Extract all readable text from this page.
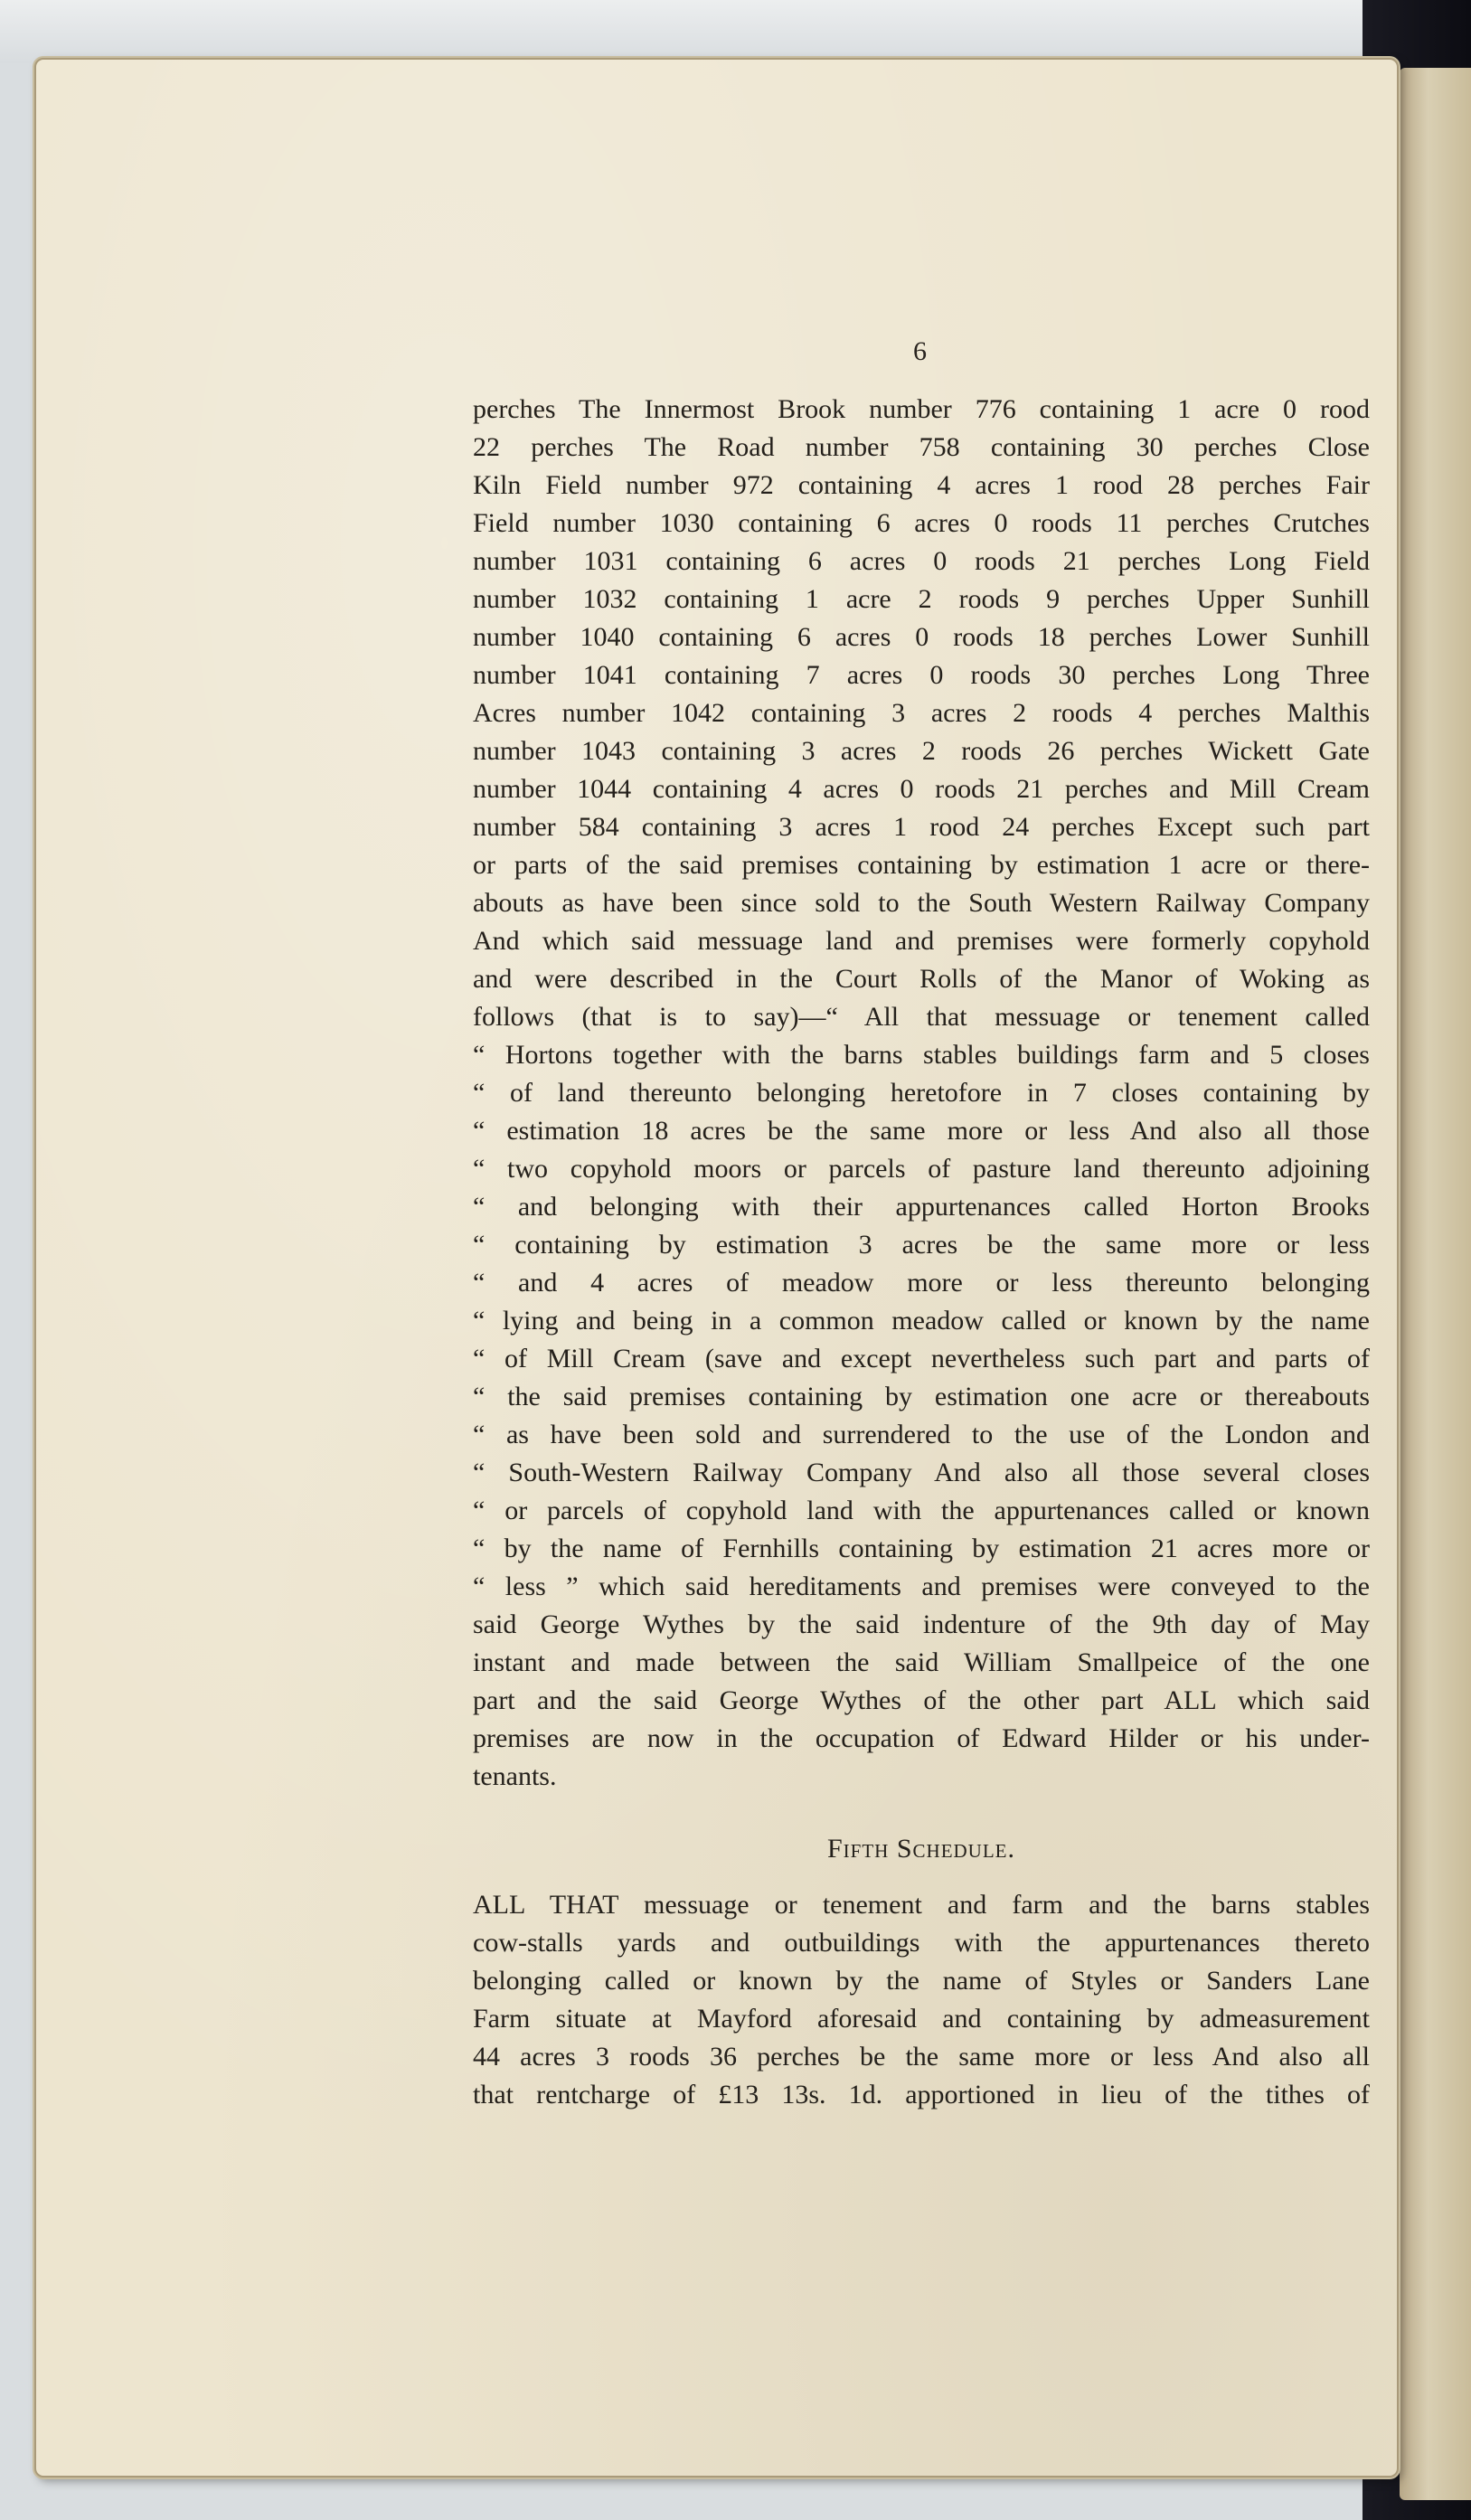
6
perches The Innermost Brook number 776 containing 1 acre 0 rood
22 perches The Road number 758 containing 30 perches Close
Kiln Field number 972 containing 4 acres 1 rood 28 perches Fair
Field number 1030 containing 6 acres 0 roods 11 perches Crutches
number 1031 containing 6 acres 0 roods 21 perches Long Field
number 1032 containing 1 acre 2 roods 9 perches Upper Sunhill
number 1040 containing 6 acres 0 roods 18 perches Lower Sunhill
number 1041 containing 7 acres 0 roods 30 perches Long Three
Acres number 1042 containing 3 acres 2 roods 4 perches Malthis
number 1043 containing 3 acres 2 roods 26 perches Wickett Gate
number 1044 containing 4 acres 0 roods 21 perches and Mill Cream
number 584 containing 3 acres 1 rood 24 perches Except such part
or parts of the said premises containing by estimation 1 acre or there-
abouts as have been since sold to the South Western Railway Company
And which said messuage land and premises were formerly copyhold
and were described in the Court Rolls of the Manor of Woking as
follows (that is to say)—“ All that messuage or tenement called
“ Hortons together with the barns stables buildings farm and 5 closes
“ of land thereunto belonging heretofore in 7 closes containing by
“ estimation 18 acres be the same more or less And also all those
“ two copyhold moors or parcels of pasture land thereunto adjoining
“ and belonging with their appurtenances called Horton Brooks
“ containing by estimation 3 acres be the same more or less
“ and 4 acres of meadow more or less thereunto belonging
“ lying and being in a common meadow called or known by the name
“ of Mill Cream (save and except nevertheless such part and parts of
“ the said premises containing by estimation one acre or thereabouts
“ as have been sold and surrendered to the use of the London and
“ South-Western Railway Company And also all those several closes
“ or parcels of copyhold land with the appurtenances called or known
“ by the name of Fernhills containing by estimation 21 acres more or
“ less ” which said hereditaments and premises were conveyed to the
said George Wythes by the said indenture of the 9th day of May
instant and made between the said William Smallpeice of the one
part and the said George Wythes of the other part ALL which said
premises are now in the occupation of Edward Hilder or his under-
tenants.
Fifth Schedule.
ALL THAT messuage or tenement and farm and the barns stables
cow-stalls yards and outbuildings with the appurtenances thereto
belonging called or known by the name of Styles or Sanders Lane
Farm situate at Mayford aforesaid and containing by admeasurement
44 acres 3 roods 36 perches be the same more or less And also all
that rentcharge of £13 13s. 1d. apportioned in lieu of the tithes of
